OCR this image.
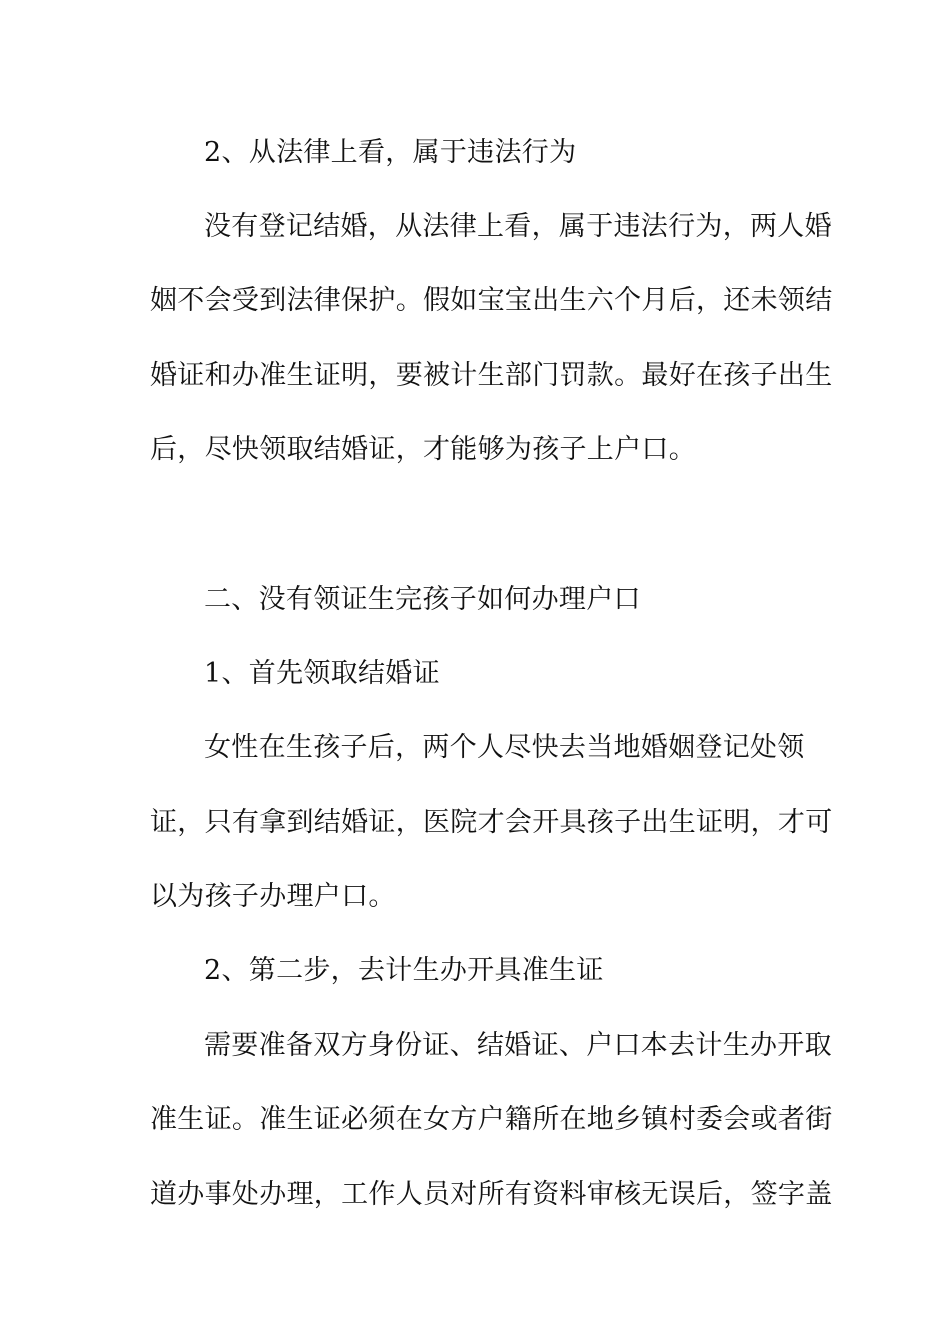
2、从法律上看，属于违法行为
没有登记结婚，从法律上看，属于违法行为，两人婚
姻不会受到法律保护。假如宝宝出生六个月后，还未领结
婚证和办准生证明，要被计生部门罚款。最好在孩子出生
后，尽快领取结婚证，才能够为孩子上户口。
二、没有领证生完孩子如何办理户口
1、首先领取结婚证
女性在生孩子后，两个人尽快去当地婚姻登记处领
证，只有拿到结婚证，医院才会开具孩子出生证明，才可
以为孩子办理户口。
2、第二步，去计生办开具准生证
需要准备双方身份证、结婚证、户口本去计生办开取
准生证。准生证必须在女方户籍所在地乡镇村委会或者街
道办事处办理，工作人员对所有资料审核无误后，签字盖
